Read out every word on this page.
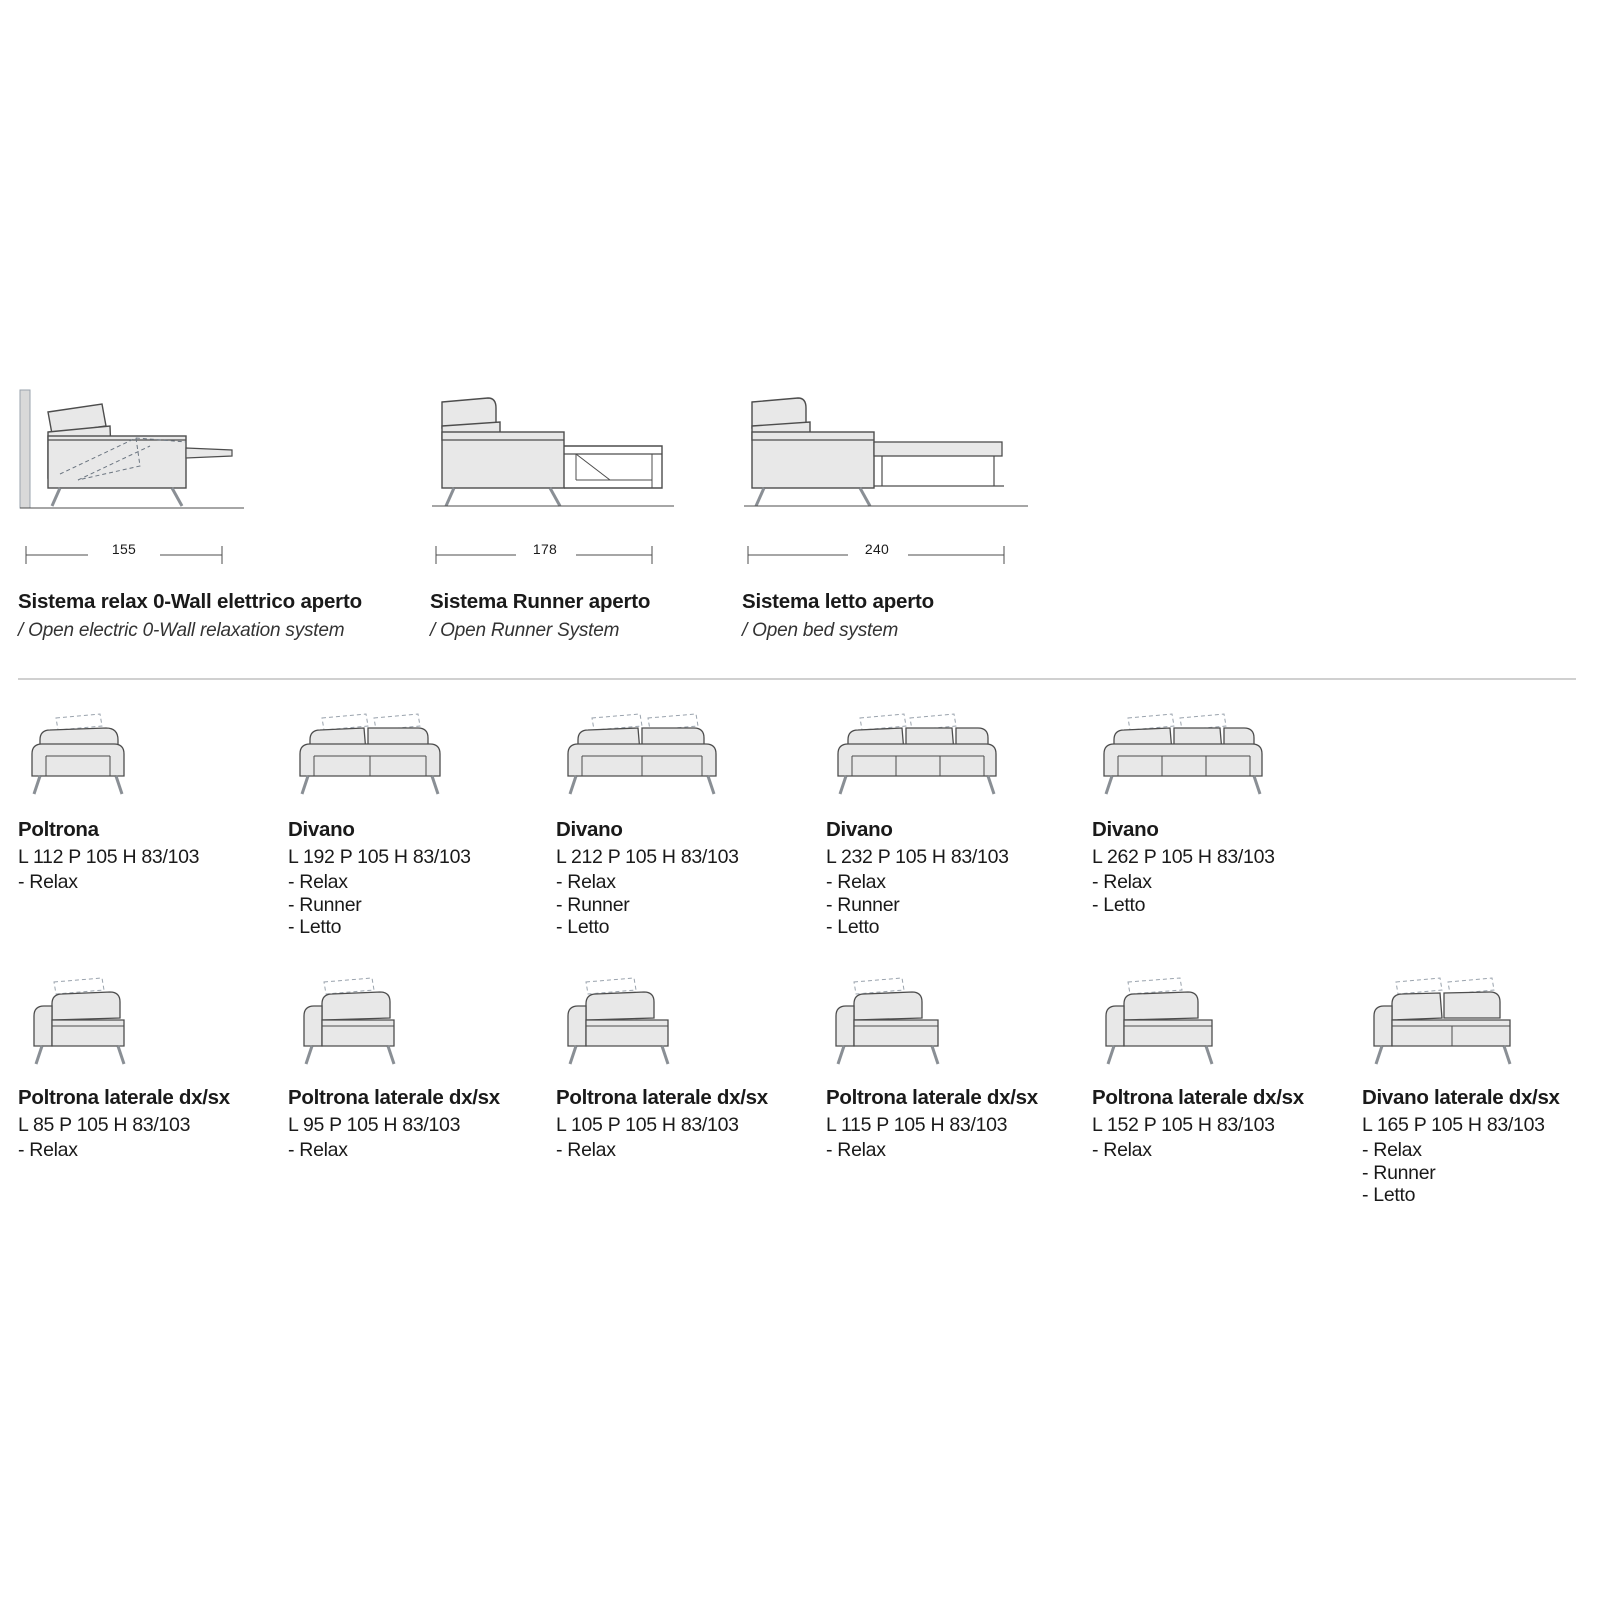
155
Sistema relax 0-Wall elettrico aperto
/ Open electric 0-Wall relaxation system
178
Sistema Runner aperto
/ Open Runner System
240
Sistema letto aperto
/ Open bed system
Poltrona
L 112 P 105 H 83/103
- Relax
Divano
L 192 P 105 H 83/103
- Relax
- Runner
- Letto
Divano
L 212 P 105 H 83/103
- Relax
- Runner
- Letto
Divano
L 232 P 105 H 83/103
- Relax
- Runner
- Letto
Divano
L 262 P 105 H 83/103
- Relax
- Letto
Poltrona laterale dx/sx
L 85 P 105 H 83/103
- Relax
Poltrona laterale dx/sx
L 95 P 105 H 83/103
- Relax
Poltrona laterale dx/sx
L 105 P 105 H 83/103
- Relax
Poltrona laterale dx/sx
L 115 P 105 H 83/103
- Relax
Poltrona laterale dx/sx
L 152 P 105 H 83/103
- Relax
Divano laterale dx/sx
L 165 P 105 H 83/103
- Relax
- Runner
- Letto
